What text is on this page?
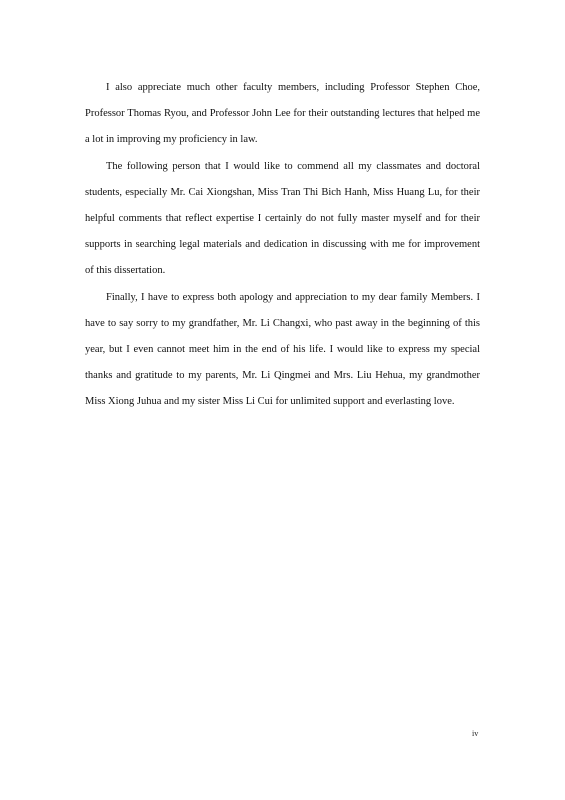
I also appreciate much other faculty members, including Professor Stephen Choe, Professor Thomas Ryou, and Professor John Lee for their outstanding lectures that helped me a lot in improving my proficiency in law.

The following person that I would like to commend all my classmates and doctoral students, especially Mr. Cai Xiongshan, Miss Tran Thi Bich Hanh, Miss Huang Lu, for their helpful comments that reflect expertise I certainly do not fully master myself and for their supports in searching legal materials and dedication in discussing with me for improvement of this dissertation.

Finally, I have to express both apology and appreciation to my dear family Members. I have to say sorry to my grandfather, Mr. Li Changxi, who past away in the beginning of this year, but I even cannot meet him in the end of his life. I would like to express my special thanks and gratitude to my parents, Mr. Li Qingmei and Mrs. Liu Hehua, my grandmother Miss Xiong Juhua and my sister Miss Li Cui for unlimited support and everlasting love.

iv
